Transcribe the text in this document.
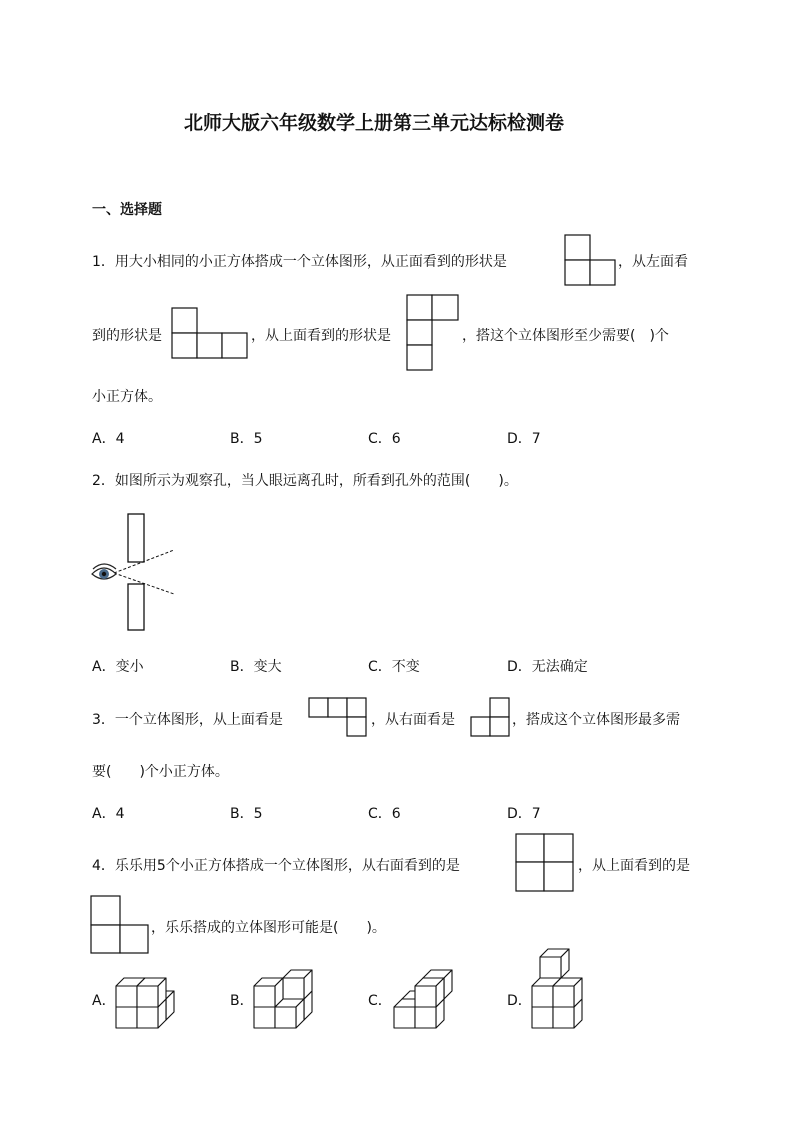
北师大版六年级数学上册第三单元达标检测卷
一、选择题
1．用大小相同的小正方体搭成一个立体图形，从正面看到的形状是	，从左面看
到的形状是	，从上面看到的形状是	，搭这个立体图形至少需要(　)个
小正方体。
A．4	B．5	C．6	D．7
2．如图所示为观察孔，当人眼远离孔时，所看到孔外的范围(　　)。
A．变小	B．变大	C．不变	D．无法确定
3．一个立体图形，从上面看是	，从右面看是	，搭成这个立体图形最多需
要(　　)个小正方体。
A．4	B．5	C．6	D．7
4．乐乐用5个小正方体搭成一个立体图形，从右面看到的是	，从上面看到的是
，乐乐搭成的立体图形可能是(　　)。
A．	B．	C．	D．
